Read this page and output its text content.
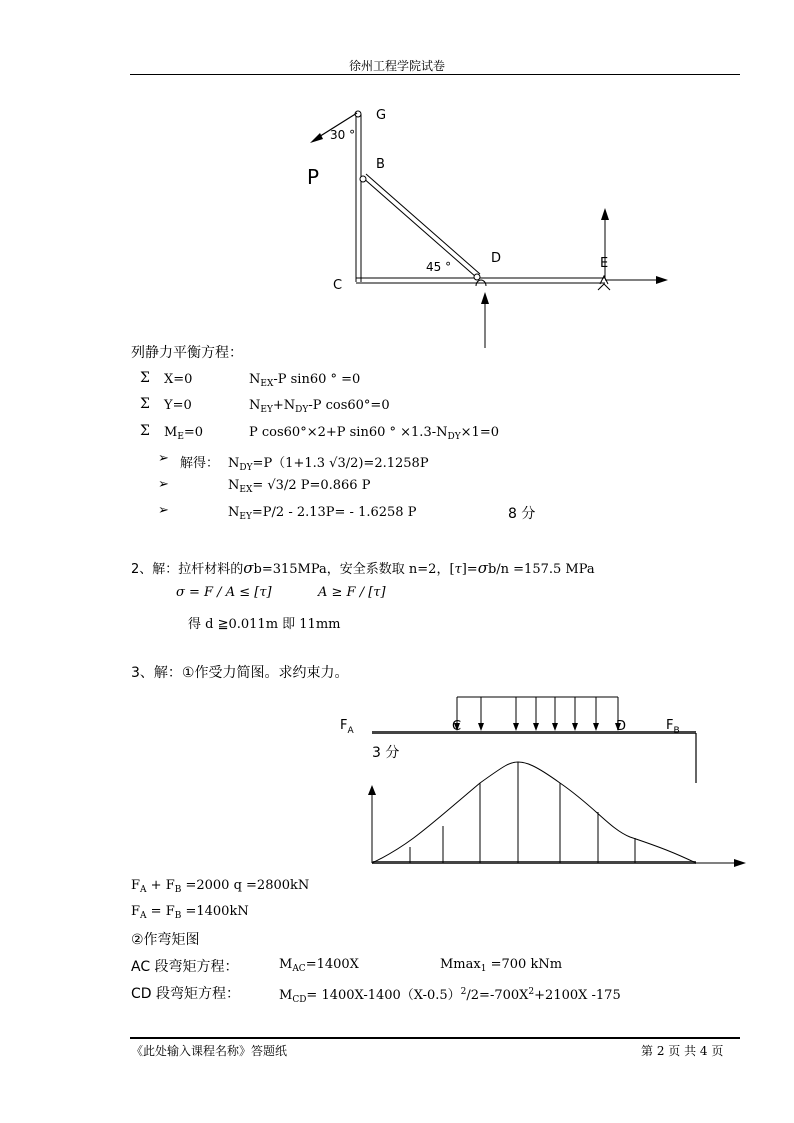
徐州工程学院试卷
G
B
C
D	E
P
30 °
45 °
列静力平衡方程：
Σ X=0	$N_{EX}-P$ sin60 ° =0
Σ Y=0	$N_{EY}+N_{DY}-P$ cos60°=0
Σ $M_E=0$	P cos60°×2+P sin60 ° $\times 1.3-N_{DY}\times 1=0$
➢ 解得： $N_{DY}=P(1+1.3$ √3/2)=2.1258P
➢	$N_{EX}= √3/2$ P=0.866 P
➢	$N_{EY}=P/2 - 2.13P= - 1.6258$ P	8 分
2、解：拉杆材料的σb=315MPa，安全系数取 n=2，[τ]=σb/n =157.5 MPa
σ = F / A ≤ [τ]	A ≥ F / [τ]
得 d ≧0.011m 即 11mm
3、解：①作受力简图。求约束力。
$F_A$	$F_B$
C	D
3 分
$F_A + F_B =2000$ q =2800kN
$F_A = F_B =1400kN$
②作弯矩图
AC 段弯矩方程：	$M_{AC}=1400X$	Mmax$_1$ =700 kNm
CD 段弯矩方程：	$M_{CD}= 1400X-1400(X-0.5)^2/2=-700X^2+2100X$ -175
《此处输入课程名称》答题纸	第 2 页 共 4 页
